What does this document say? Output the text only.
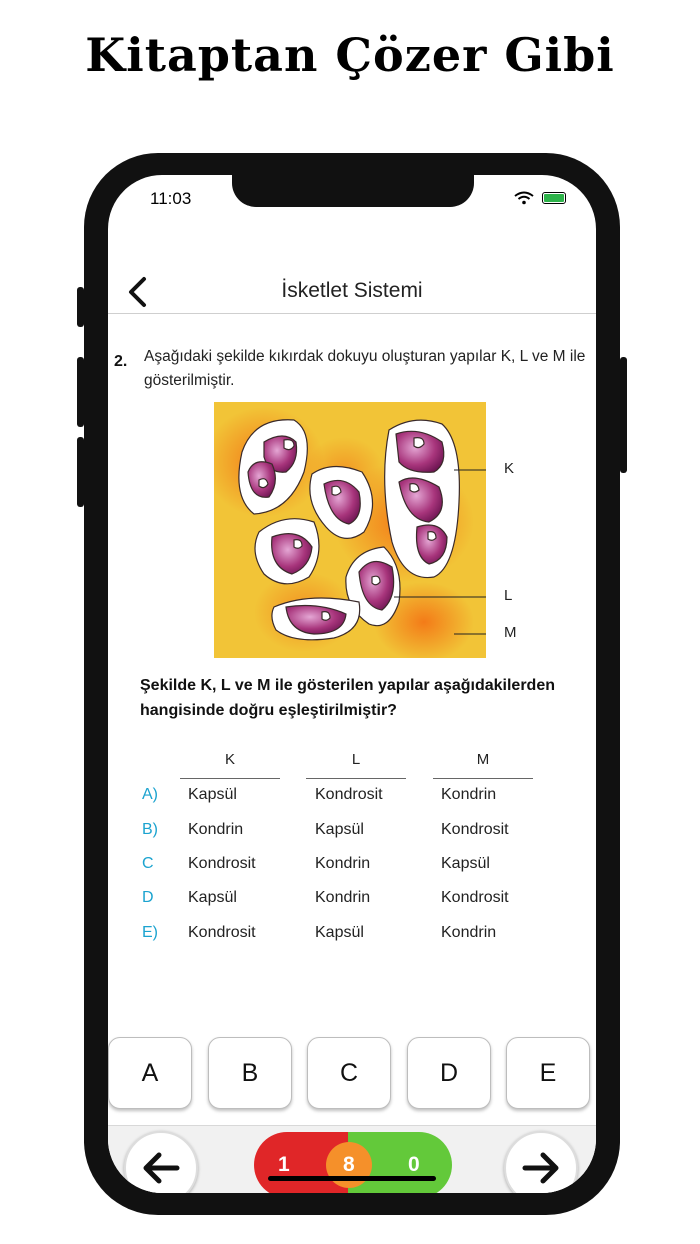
Kitaptan Çözer Gibi
11:03
İsketlet Sistemi
2. Aşağıdaki şekilde kıkırdak dokuyu oluşturan yapılar K, L ve M ile gösterilmiştir.
K
L
M
Şekilde K, L ve M ile gösterilen yapılar aşağıdakilerden hangisinde doğru eşleştirilmiştir?
K	L	M
A) Kapsül	Kondrosit	Kondrin
B) Kondrin	Kapsül	Kondrosit
C Kondrosit	Kondrin	Kapsül
D Kapsül	Kondrin	Kondrosit
E) Kondrosit	Kapsül	Kondrin
A	B	C	D	E
1	8	0
